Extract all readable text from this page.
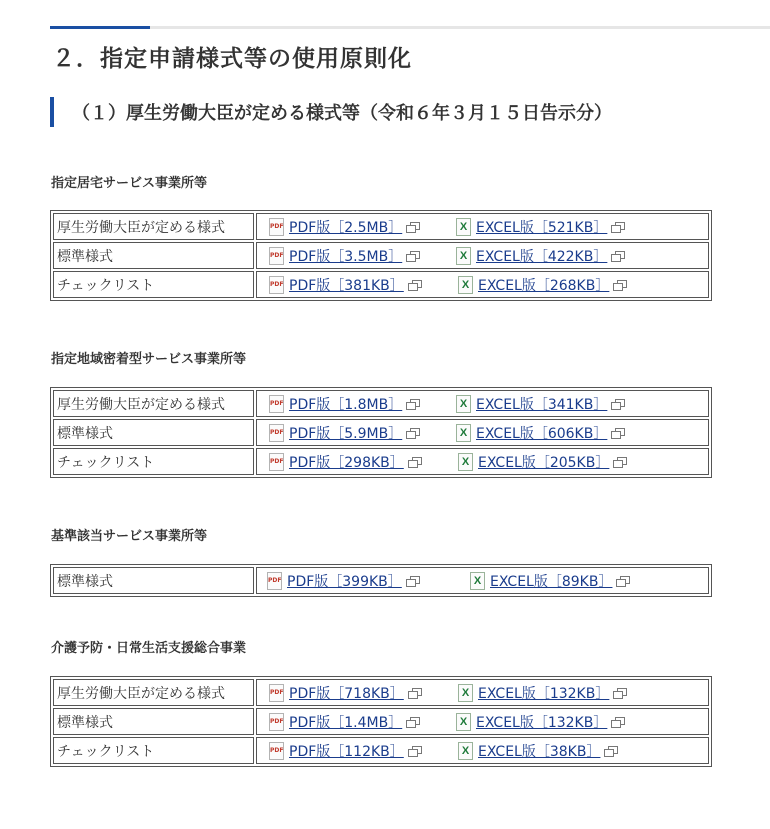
２．指定申請様式等の使用原則化
（１）厚生労働大臣が定める様式等（令和６年３月１５日告示分）
指定居宅サービス事業所等
厚生労働大臣が定める様式	PDF PDF版［2.5MB］ X EXCEL版［521KB］

標準様式	PDF PDF版［3.5MB］ X EXCEL版［422KB］

チェックリスト	PDF PDF版［381KB］ X EXCEL版［268KB］
指定地域密着型サービス事業所等
厚生労働大臣が定める様式	PDF PDF版［1.8MB］ X EXCEL版［341KB］

標準様式	PDF PDF版［5.9MB］ X EXCEL版［606KB］

チェックリスト	PDF PDF版［298KB］ X EXCEL版［205KB］
基準該当サービス事業所等
標準様式	PDF PDF版［399KB］	X EXCEL版［89KB］
介護予防・日常生活支援総合事業
厚生労働大臣が定める様式	PDF PDF版［718KB］ X EXCEL版［132KB］

標準様式	PDF PDF版［1.4MB］ X EXCEL版［132KB］

チェックリスト	PDF PDF版［112KB］ X EXCEL版［38KB］
